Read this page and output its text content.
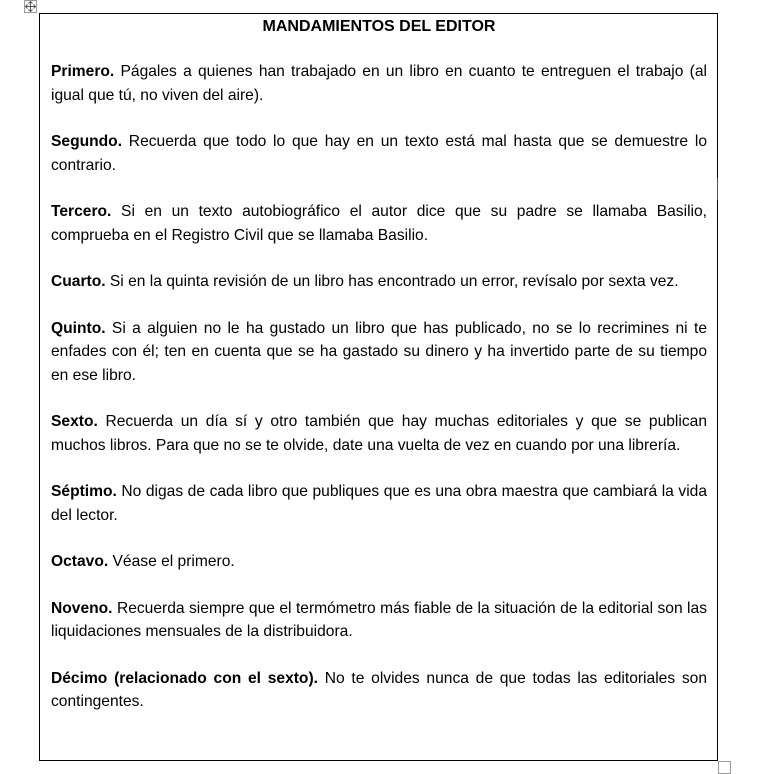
MANDAMIENTOS DEL EDITOR

Primero. Págales a quienes han trabajado en un libro en cuanto te entreguen el trabajo (al igual que tú, no viven del aire).

Segundo. Recuerda que todo lo que hay en un texto está mal hasta que se demuestre lo contrario.

Tercero. Si en un texto autobiográfico el autor dice que su padre se llamaba Basilio, comprueba en el Registro Civil que se llamaba Basilio.

Cuarto. Si en la quinta revisión de un libro has encontrado un error, revísalo por sexta vez.

Quinto. Si a alguien no le ha gustado un libro que has publicado, no se lo recrimines ni te enfades con él; ten en cuenta que se ha gastado su dinero y ha invertido parte de su tiempo en ese libro.

Sexto. Recuerda un día sí y otro también que hay muchas editoriales y que se publican muchos libros. Para que no se te olvide, date una vuelta de vez en cuando por una librería.

Séptimo. No digas de cada libro que publiques que es una obra maestra que cambiará la vida del lector.

Octavo. Véase el primero.

Noveno. Recuerda siempre que el termómetro más fiable de la situación de la editorial son las liquidaciones mensuales de la distribuidora.

Décimo (relacionado con el sexto). No te olvides nunca de que todas las editoriales son contingentes.
